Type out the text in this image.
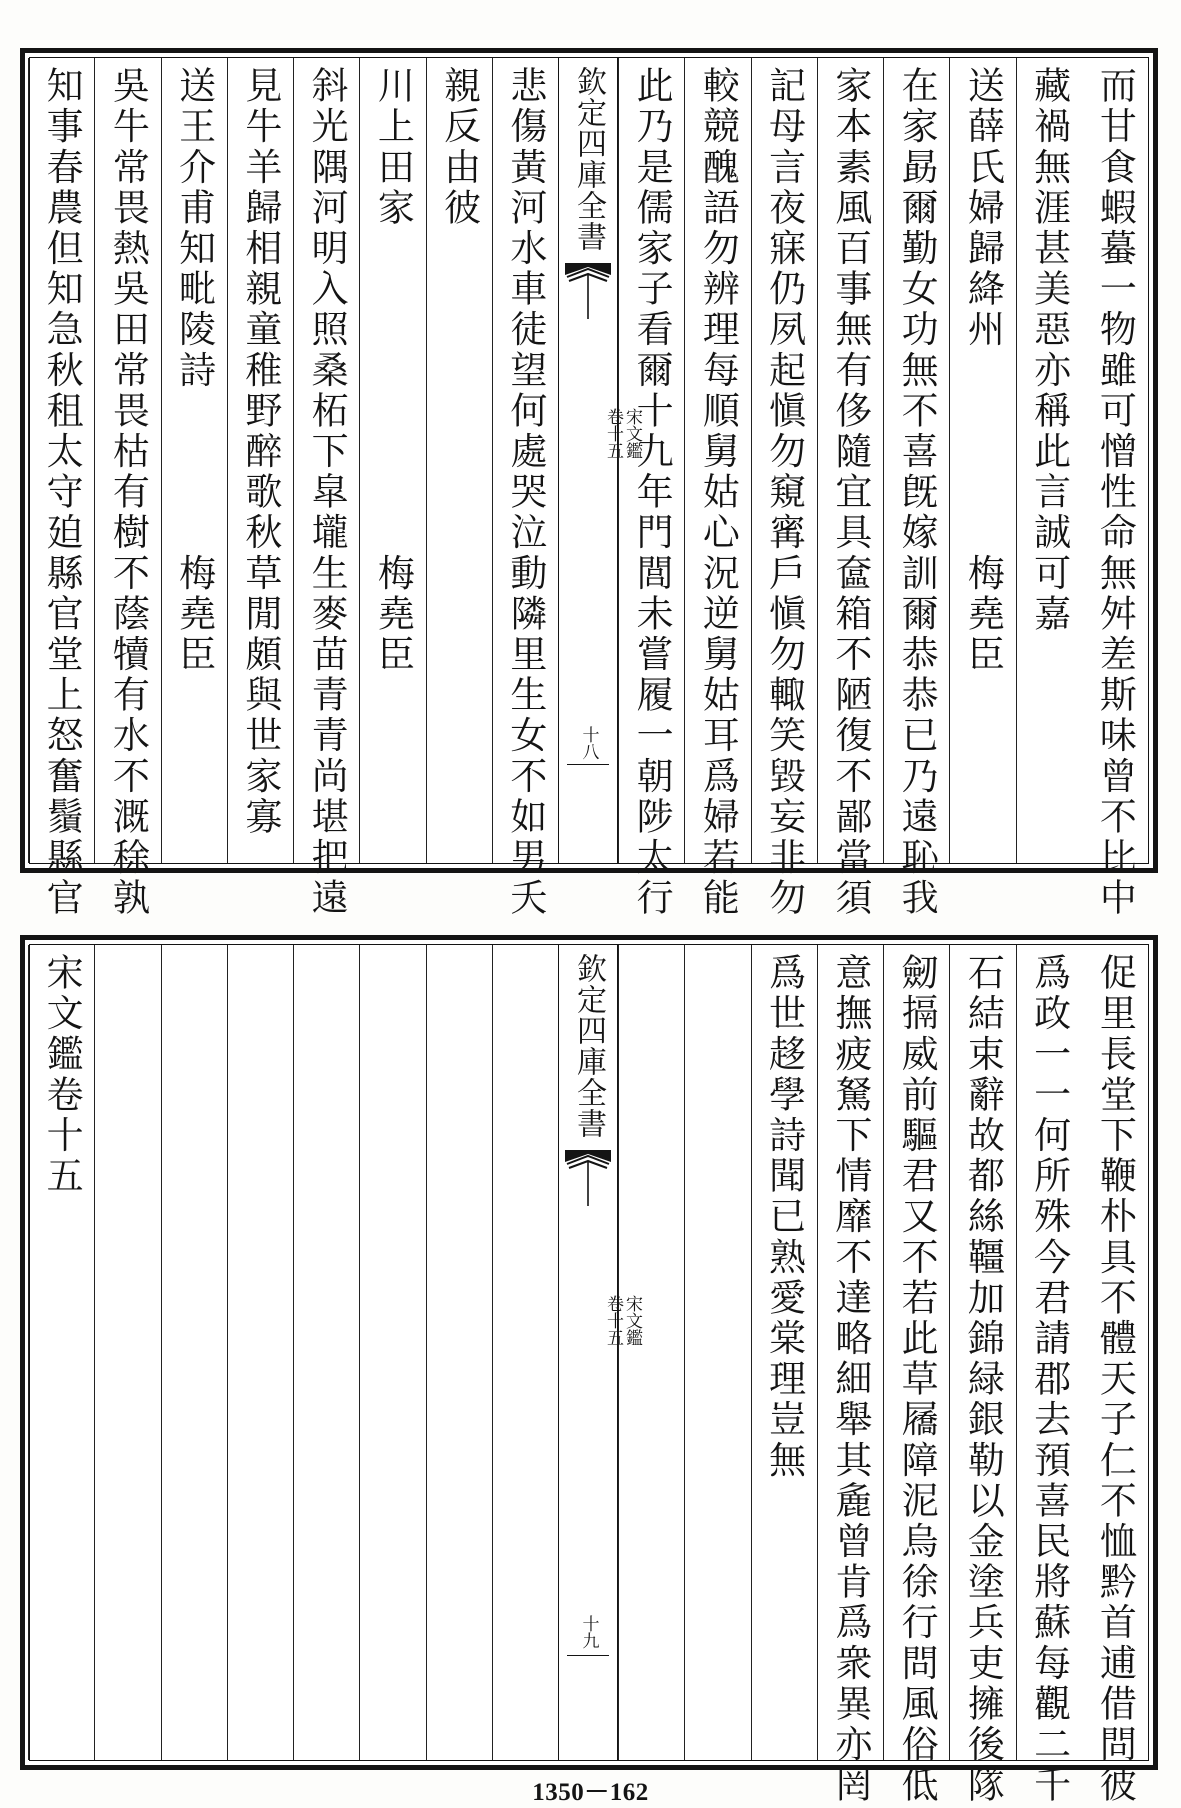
而甘食蝦蟇一物雖可憎性命無舛差斯味曾不比中
藏禍無涯甚美惡亦稱此言誠可嘉
送薛氏婦歸絳州　　　　　梅堯臣
在家勗爾勤女功無不喜旣嫁訓爾恭恭已乃遠恥我
家本素風百事無有侈隨宜具奩箱不陋復不鄙當須
記母言夜寐仍夙起愼勿窺寗戶愼勿輙笑毀妄非勿
較競醜語勿辨理每順舅姑心況逆舅姑耳爲婦若能
此乃是儒家子看爾十九年門閭未嘗履一朝陟太行
欽定四庫全書
宋文鑑
卷十五
十八
悲傷黃河水車徒望何處哭泣動隣里生女不如男夭
親反由彼
川上田家　　　　　　　　梅堯臣
斜光隅河明入照桑柘下皐壠生麥苗青青尚堪把遠
見牛羊歸相親童稚野醉歌秋草閒頗與世家寡
送王介甫知毗陵詩　　　　梅堯臣
吳牛常畏熱吳田常畏枯有樹不蔭犢有水不溉稌孰
知事春農但知急秋租太守廹縣官堂上怒奮鬚縣官
促里長堂下鞭朴具不體天子仁不恤黔首逋借問彼
爲政一一何所殊今君請郡去預喜民將蘇每觀二千
石結束辭故都絲韁加錦緑銀勒以金塗兵吏擁後隊
劒搹威前驅君又不若此草屩障泥烏徐行問風俗低
意撫疲駑下情靡不達略細舉其麁曾肯爲衆異亦罔
爲世趍學詩聞已熟愛棠理豈無
欽定四庫全書
宋文鑑
卷十五
十九
宋文鑑卷十五
1350－162
